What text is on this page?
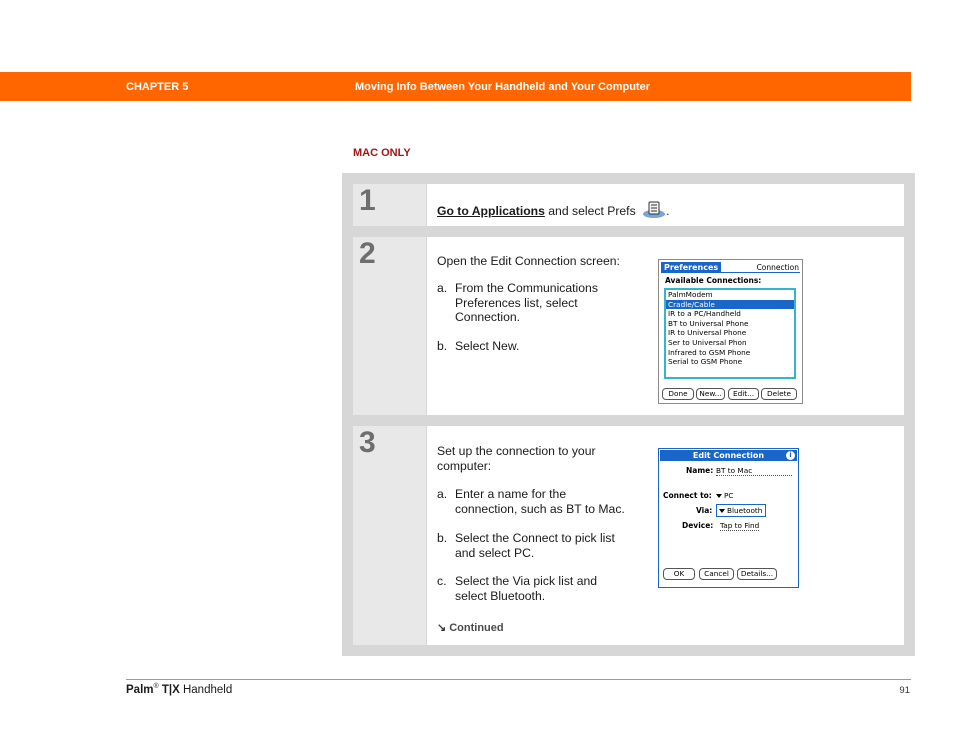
CHAPTER 5	Moving Info Between Your Handheld and Your Computer
MAC ONLY
1	Go to Applications and select Prefs .
2	Open the Edit Connection screen:
a. From the Communications
Preferences list, select
Connection.
b. Select New.
Preferences	Connection
Available Connections:
PalmModem
Cradle/Cable
IR to a PC/Handheld
BT to Universal Phone
IR to Universal Phone
Ser to Universal Phon
Infrared to GSM Phone
Serial to GSM Phone
Done	New...	Edit...	Delete
3	Set up the connection to your
computer:
a. Enter a name for the
connection, such as BT to Mac.
b. Select the Connect to pick list
and select PC.
c. Select the Via pick list and
select Bluetooth.
↘ Continued
Edit Connection	i
Name: BT to Mac
Connect to:	PC
Via:	Bluetooth
Device: Tap to Find
OK	Cancel	Details...
Palm® T|X Handheld	91
